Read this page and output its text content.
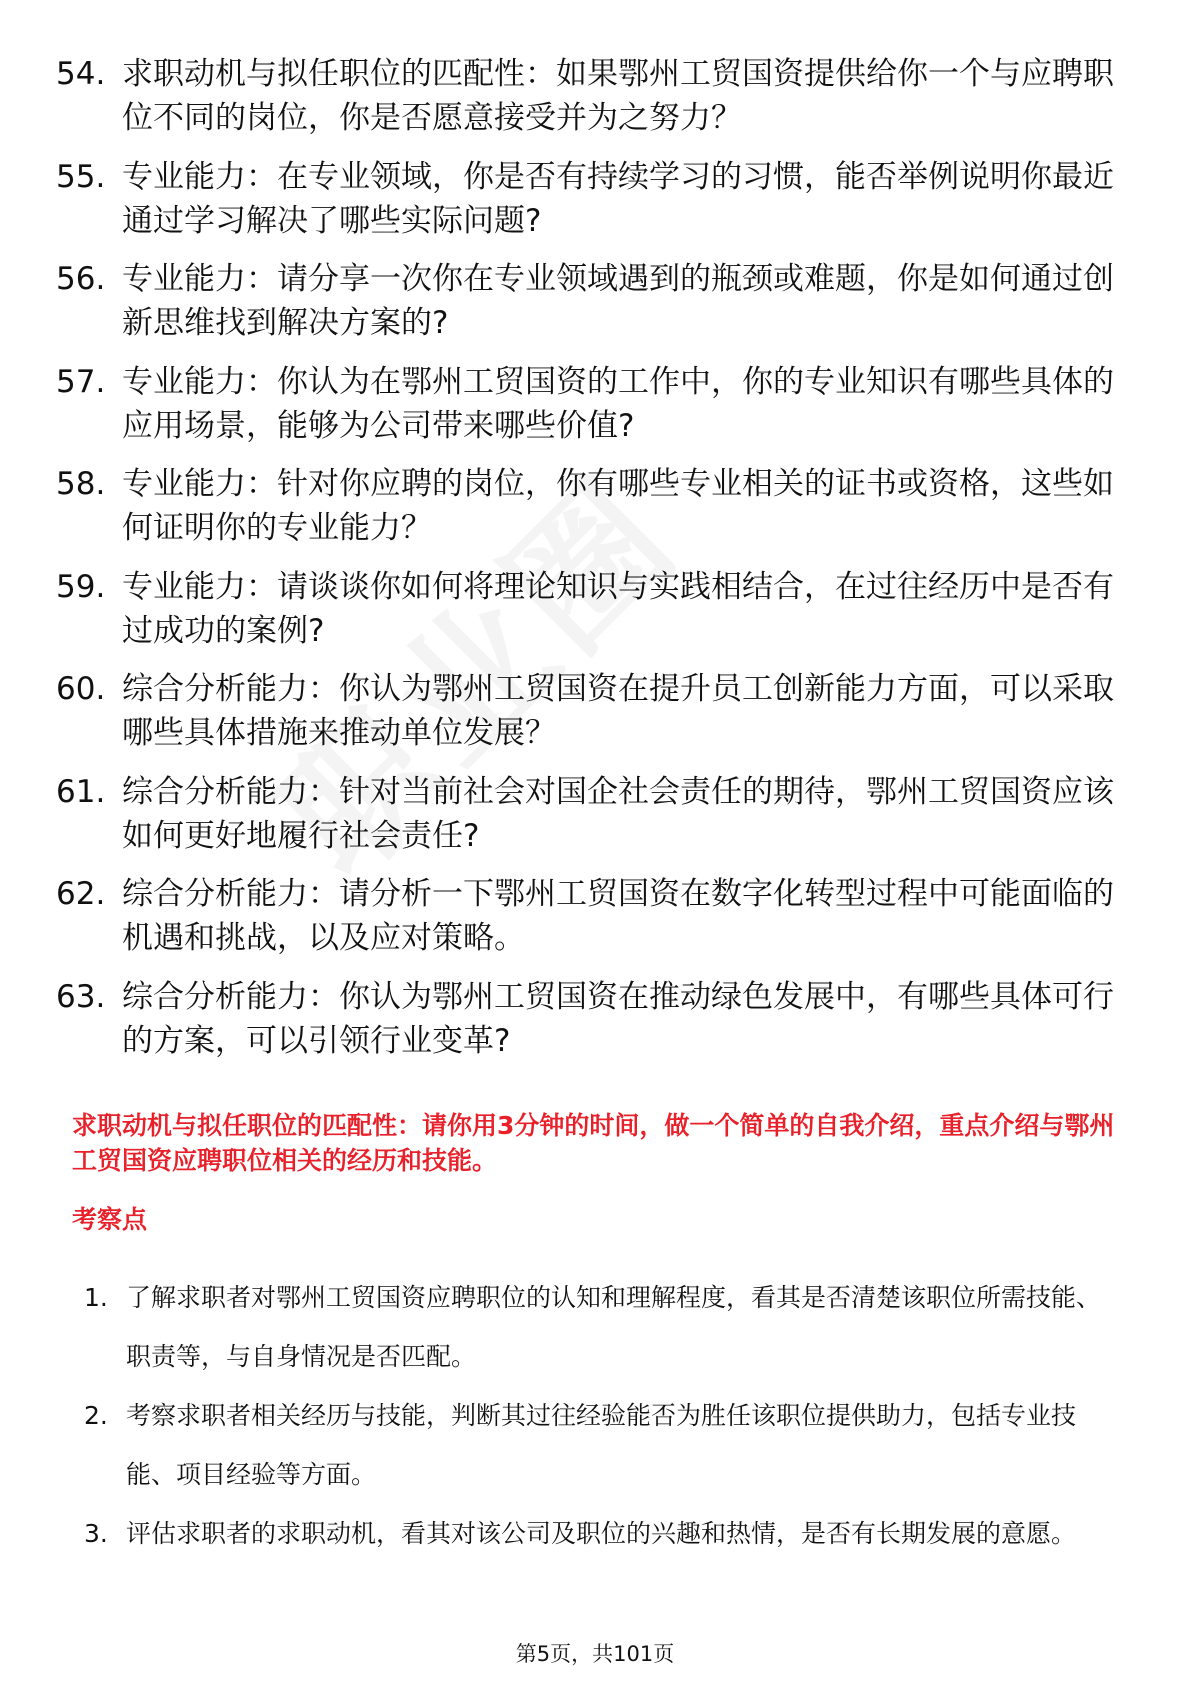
54. 求职动机与拟任职位的匹配性：如果鄂州工贸国资提供给你一个与应聘职位不同的岗位，你是否愿意接受并为之努力？
55. 专业能力：在专业领域，你是否有持续学习的习惯，能否举例说明你最近通过学习解决了哪些实际问题?
56. 专业能力：请分享一次你在专业领域遇到的瓶颈或难题，你是如何通过创新思维找到解决方案的?
57. 专业能力：你认为在鄂州工贸国资的工作中，你的专业知识有哪些具体的应用场景，能够为公司带来哪些价值?
58. 专业能力：针对你应聘的岗位，你有哪些专业相关的证书或资格，这些如何证明你的专业能力？
59. 专业能力：请谈谈你如何将理论知识与实践相结合，在过往经历中是否有过成功的案例?
60. 综合分析能力：你认为鄂州工贸国资在提升员工创新能力方面，可以采取哪些具体措施来推动单位发展？
61. 综合分析能力：针对当前社会对国企社会责任的期待，鄂州工贸国资应该如何更好地履行社会责任?
62. 综合分析能力：请分析一下鄂州工贸国资在数字化转型过程中可能面临的机遇和挑战，以及应对策略。
63. 综合分析能力：你认为鄂州工贸国资在推动绿色发展中，有哪些具体可行的方案，可以引领行业变革?

求职动机与拟任职位的匹配性：请你用3分钟的时间，做一个简单的自我介绍，重点介绍与鄂州工贸国资应聘职位相关的经历和技能。

考察点
1. 了解求职者对鄂州工贸国资应聘职位的认知和理解程度，看其是否清楚该职位所需技能、职责等，与自身情况是否匹配。
2. 考察求职者相关经历与技能，判断其过往经验能否为胜任该职位提供助力，包括专业技能、项目经验等方面。
3. 评估求职者的求职动机，看其对该公司及职位的兴趣和热情，是否有长期发展的意愿。
第5页，共101页
